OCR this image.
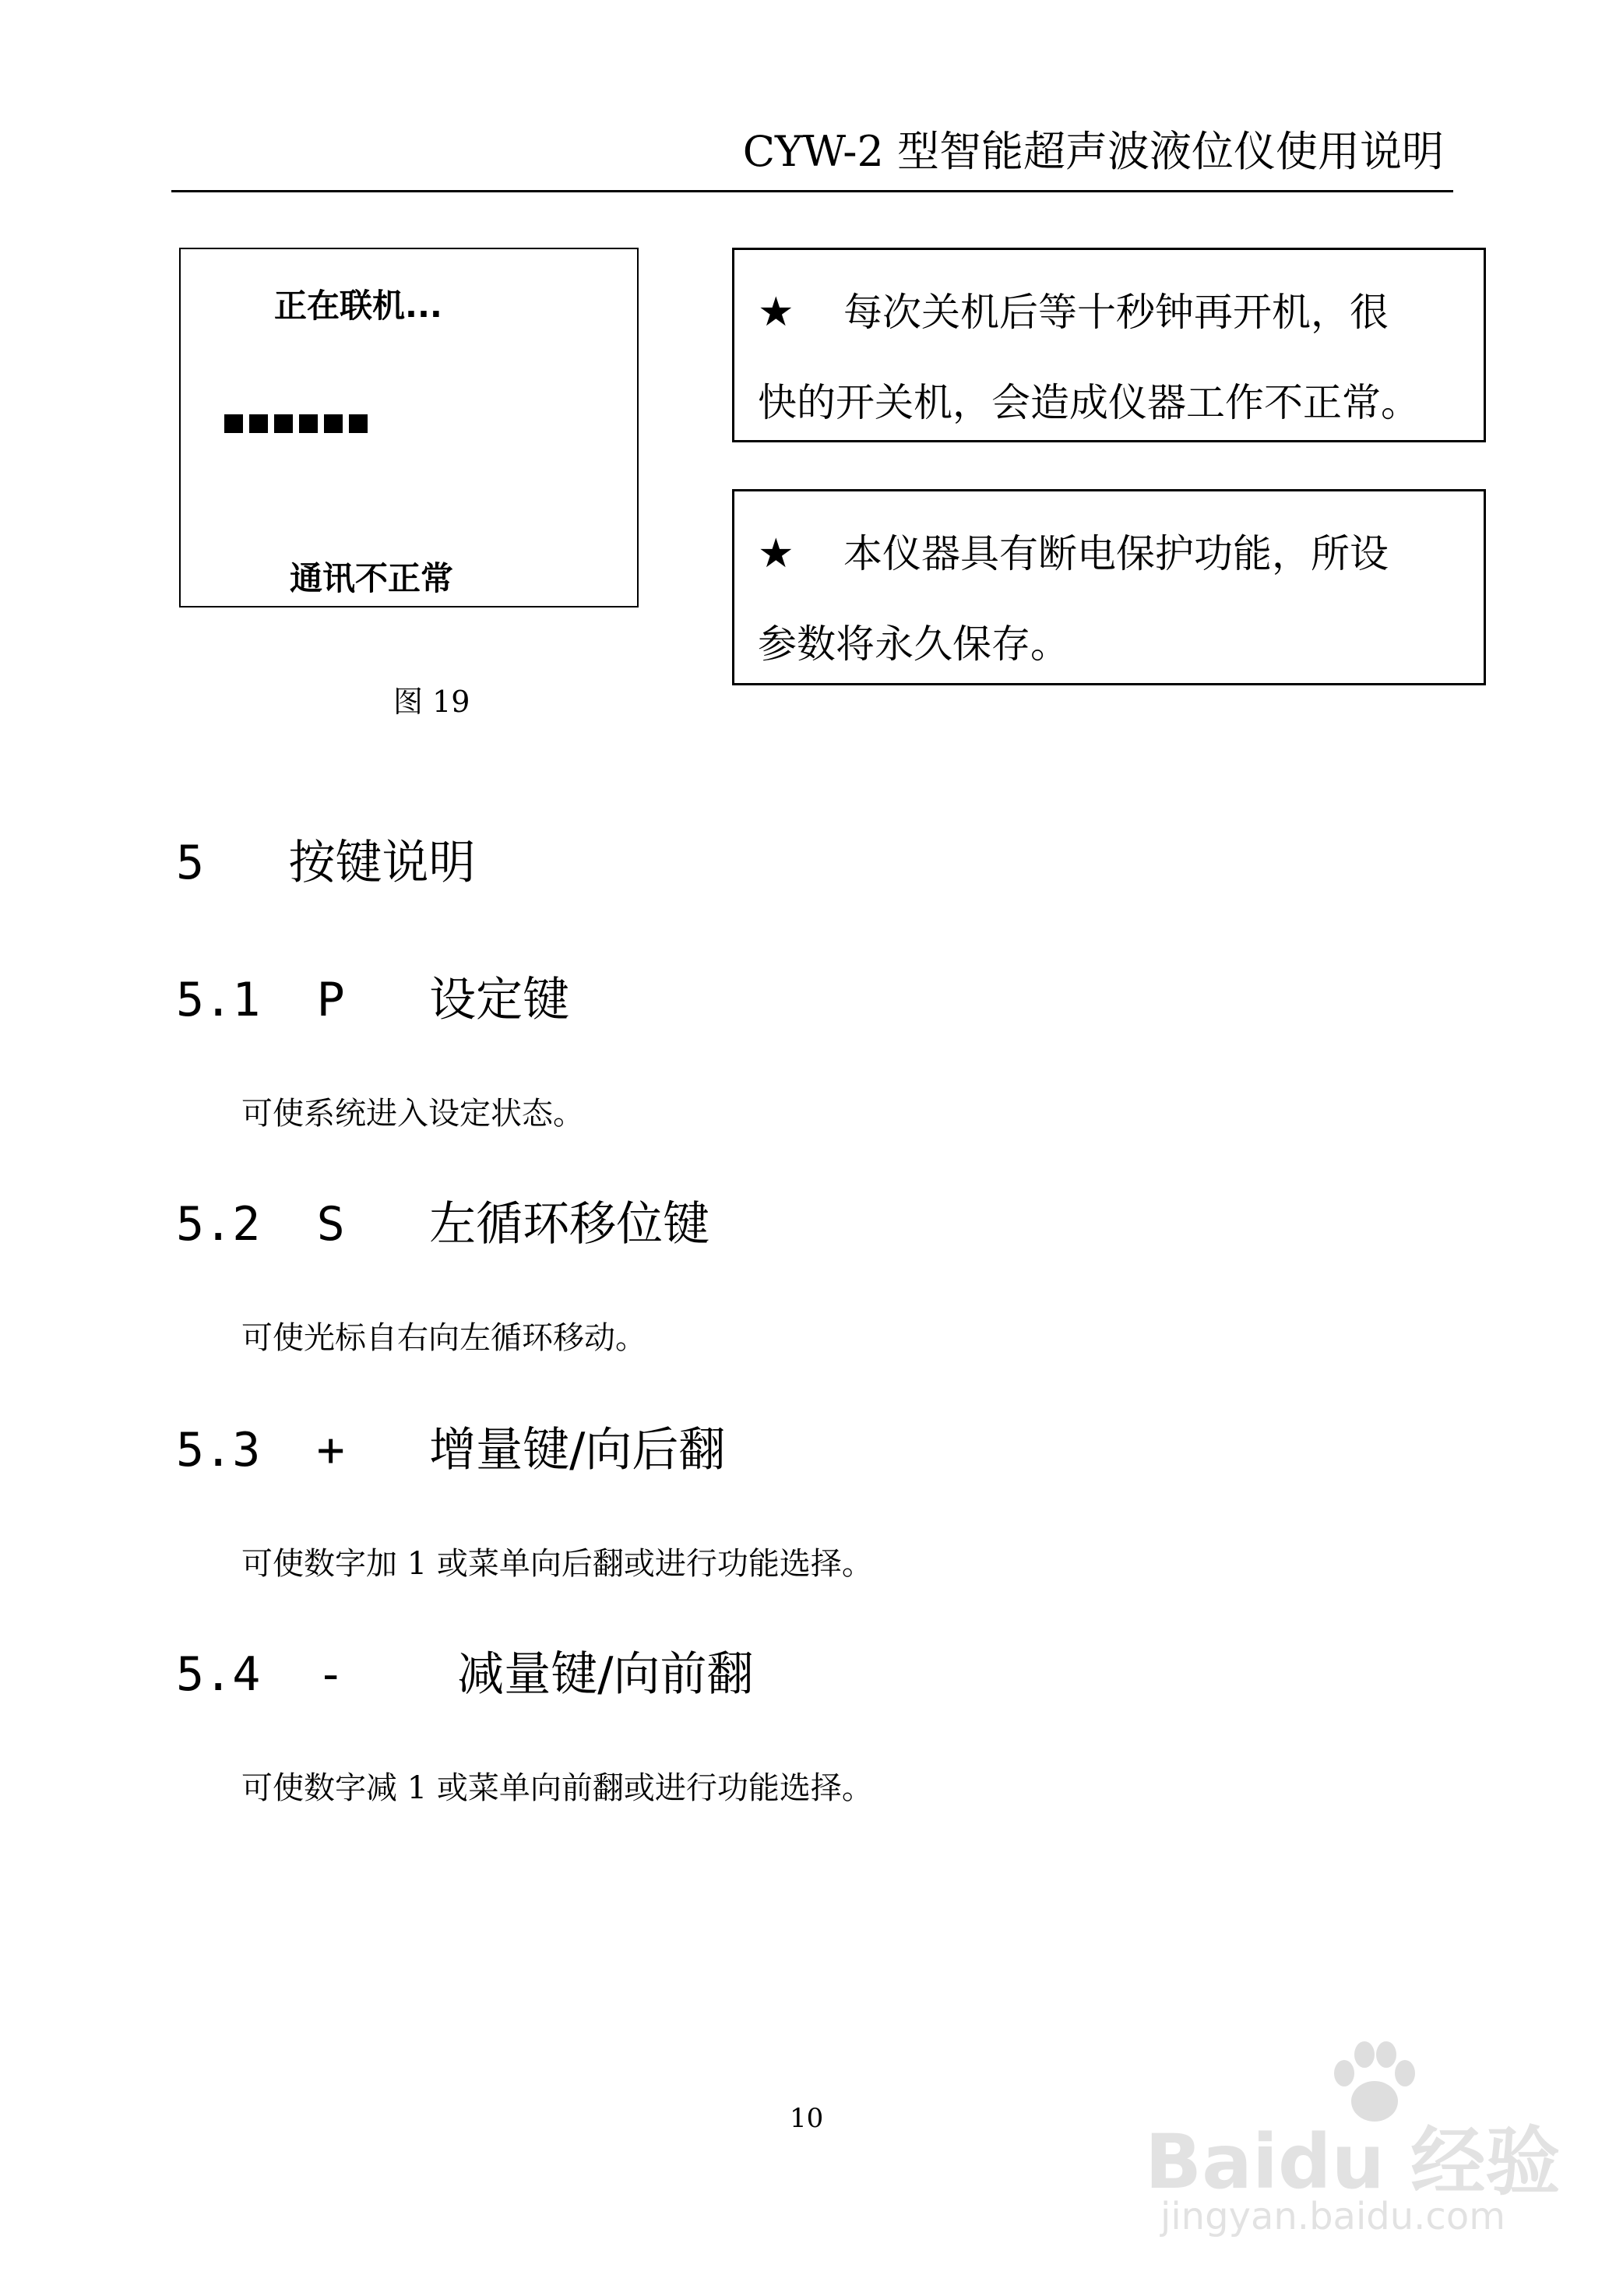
CYW-2 型智能超声波液位仪使用说明
正在联机...
通讯不正常
图 19
★	每次关机后等十秒钟再开机，很
快的开关机，会造成仪器工作不正常。
★	本仪器具有断电保护功能，所设
参数将永久保存。
5 按键说明
5.1 P 设定键
可使系统进入设定状态。
5.2 S 左循环移位键
可使光标自右向左循环移动。
5.3 + 增量键/向后翻
可使数字加 1 或菜单向后翻或进行功能选择。
5.4 - 减量键/向前翻
可使数字减 1 或菜单向前翻或进行功能选择。
10	Baidu 经验
jingyan.baidu.com
